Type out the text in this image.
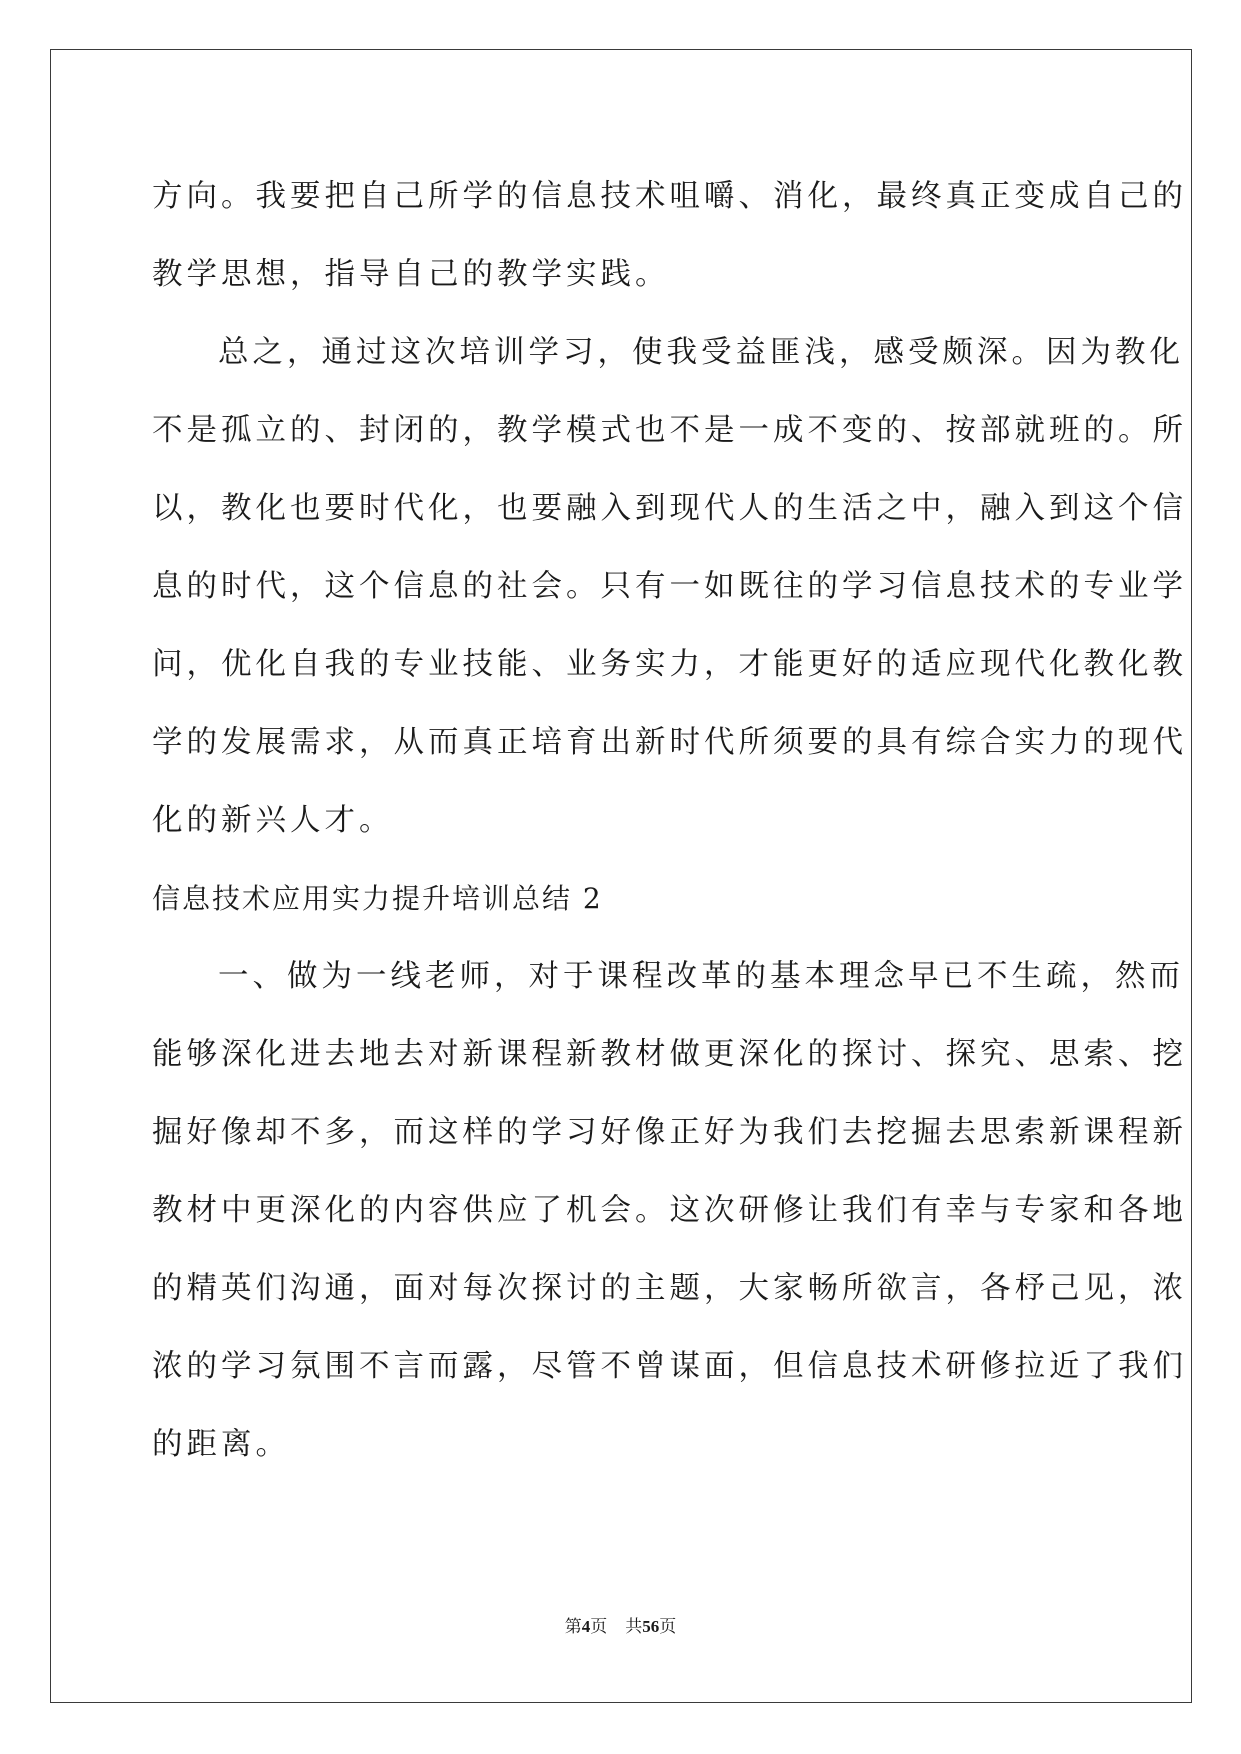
方向。我要把自己所学的信息技术咀嚼、消化，最终真正变成自己的
教学思想，指导自己的教学实践。
总之，通过这次培训学习，使我受益匪浅，感受颇深。因为教化
不是孤立的、封闭的，教学模式也不是一成不变的、按部就班的。所
以，教化也要时代化，也要融入到现代人的生活之中，融入到这个信
息的时代，这个信息的社会。只有一如既往的学习信息技术的专业学
问，优化自我的专业技能、业务实力，才能更好的适应现代化教化教
学的发展需求，从而真正培育出新时代所须要的具有综合实力的现代
化的新兴人才。
信息技术应用实力提升培训总结 2
一、做为一线老师，对于课程改革的基本理念早已不生疏，然而
能够深化进去地去对新课程新教材做更深化的探讨、探究、思索、挖
掘好像却不多，而这样的学习好像正好为我们去挖掘去思索新课程新
教材中更深化的内容供应了机会。这次研修让我们有幸与专家和各地
的精英们沟通，面对每次探讨的主题，大家畅所欲言，各杼己见，浓
浓的学习氛围不言而露，尽管不曾谋面，但信息技术研修拉近了我们
的距离。
第4页 共56页
